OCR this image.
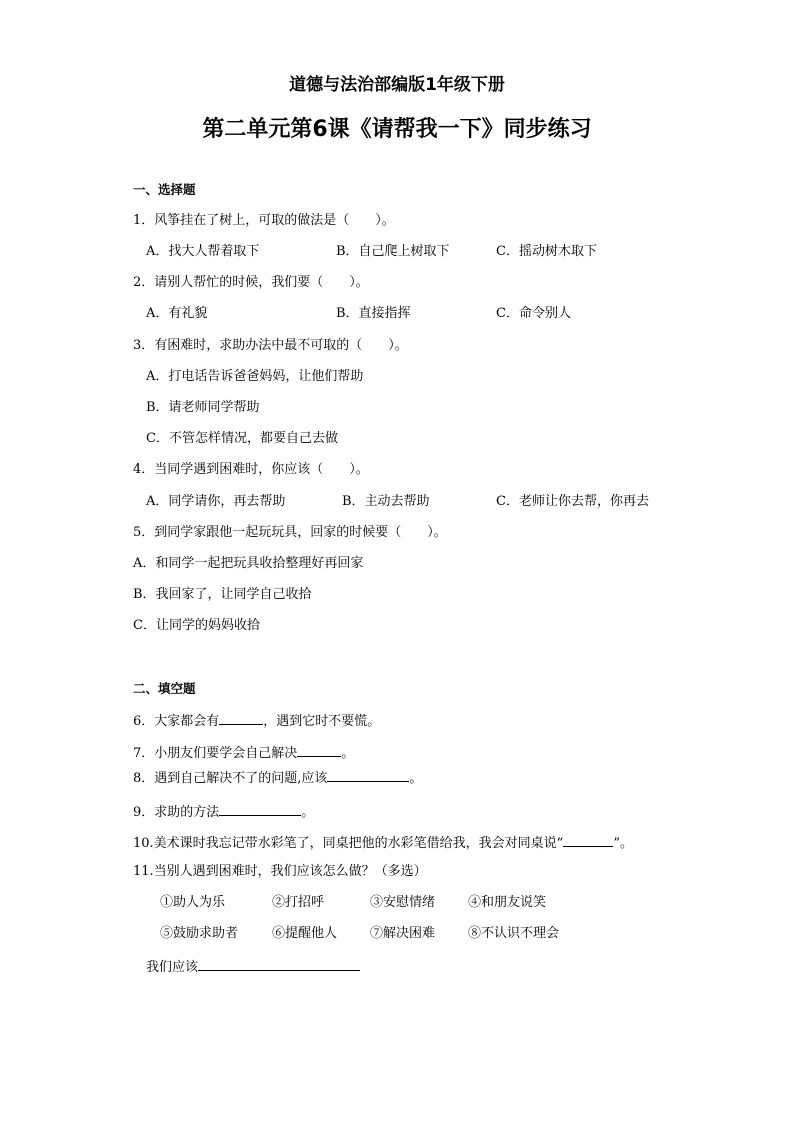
道德与法治部编版1年级下册
第二单元第6课《请帮我一下》同步练习
一、选择题
1．风筝挂在了树上，可取的做法是（　　）。
A．找大人帮着取下	B．自己爬上树取下	C．摇动树木取下
2．请别人帮忙的时候，我们要（　　）。
A．有礼貌	B．直接指挥	C．命令别人
3．有困难时，求助办法中最不可取的（　　）。
A．打电话告诉爸爸妈妈，让他们帮助
B．请老师同学帮助
C．不管怎样情况，都要自己去做
4．当同学遇到困难时，你应该（　　）。
A．同学请你，再去帮助	B．主动去帮助	C．老师让你去帮，你再去
5．到同学家跟他一起玩玩具，回家的时候要（　　）。
A．和同学一起把玩具收拾整理好再回家
B．我回家了，让同学自己收拾
C．让同学的妈妈收拾
二、填空题
6．大家都会有	，遇到它时不要慌。
7．小朋友们要学会自己解决	。
8．遇到自己解决不了的问题,应该	。
9．求助的方法	。
10.美术课时我忘记带水彩笔了，同桌把他的水彩笔借给我，我会对同桌说“	”。
11.当别人遇到困难时，我们应该怎么做？（多选）
①助人为乐	②打招呼	③安慰情绪	④和朋友说笑
⑤鼓励求助者	⑥提醒他人	⑦解决困难	⑧不认识不理会
我们应该
